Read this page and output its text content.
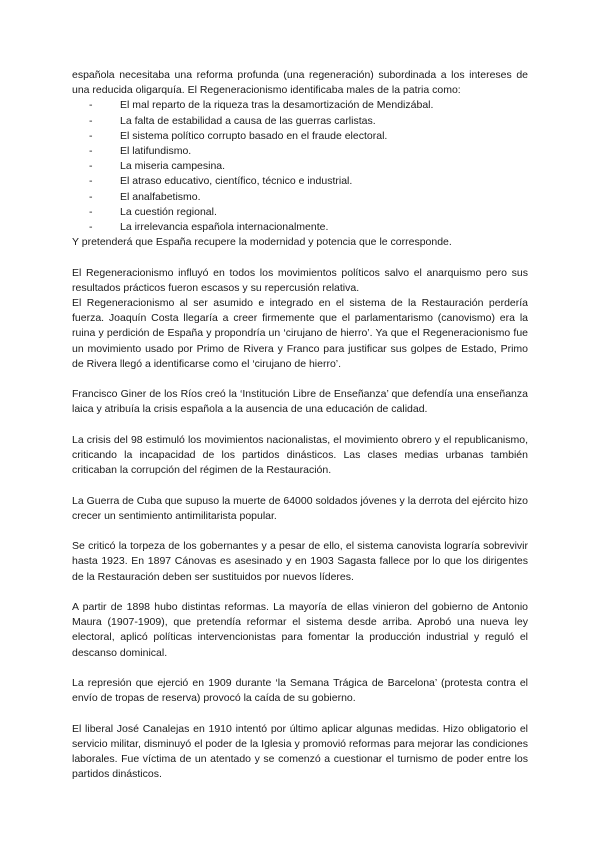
española necesitaba una reforma profunda (una regeneración) subordinada a los intereses de una reducida oligarquía. El Regeneracionismo identificaba males de la patria como:

-	El mal reparto de la riqueza tras la desamortización de Mendizábal.
-	La falta de estabilidad a causa de las guerras carlistas.
-	El sistema político corrupto basado en el fraude electoral.
-	El latifundismo.
-	La miseria campesina.
-	El atraso educativo, científico, técnico e industrial.
-	El analfabetismo.
-	La cuestión regional.
-	La irrelevancia española internacionalmente.

Y pretenderá que España recupere la modernidad y potencia que le corresponde.

El Regeneracionismo influyó en todos los movimientos políticos salvo el anarquismo pero sus resultados prácticos fueron escasos y su repercusión relativa.

El Regeneracionismo al ser asumido e integrado en el sistema de la Restauración perdería fuerza. Joaquín Costa llegaría a creer firmemente que el parlamentarismo (canovismo) era la ruina y perdición de España y propondría un ‘cirujano de hierro’. Ya que el Regeneracionismo fue un movimiento usado por Primo de Rivera y Franco para justificar sus golpes de Estado, Primo de Rivera llegó a identificarse como el ‘cirujano de hierro’.

Francisco Giner de los Ríos creó la ‘Institución Libre de Enseñanza’ que defendía una enseñanza laica y atribuía la crisis española a la ausencia de una educación de calidad.

La crisis del 98 estimuló los movimientos nacionalistas, el movimiento obrero y el republicanismo, criticando la incapacidad de los partidos dinásticos. Las clases medias urbanas también criticaban la corrupción del régimen de la Restauración.

La Guerra de Cuba que supuso la muerte de 64000 soldados jóvenes y la derrota del ejército hizo crecer un sentimiento antimilitarista popular.

Se criticó la torpeza de los gobernantes y a pesar de ello, el sistema canovista lograría sobrevivir hasta 1923. En 1897 Cánovas es asesinado y en 1903 Sagasta fallece por lo que los dirigentes de la Restauración deben ser sustituidos por nuevos líderes.

A partir de 1898 hubo distintas reformas. La mayoría de ellas vinieron del gobierno de Antonio Maura (1907-1909), que pretendía reformar el sistema desde arriba. Aprobó una nueva ley electoral, aplicó políticas intervencionistas para fomentar la producción industrial y reguló el descanso dominical.

La represión que ejerció en 1909 durante ‘la Semana Trágica de Barcelona’ (protesta contra el envío de tropas de reserva) provocó la caída de su gobierno.

El liberal José Canalejas en 1910 intentó por último aplicar algunas medidas. Hizo obligatorio el servicio militar, disminuyó el poder de la Iglesia y promovió reformas para mejorar las condiciones laborales. Fue víctima de un atentado y se comenzó a cuestionar el turnismo de poder entre los partidos dinásticos.
